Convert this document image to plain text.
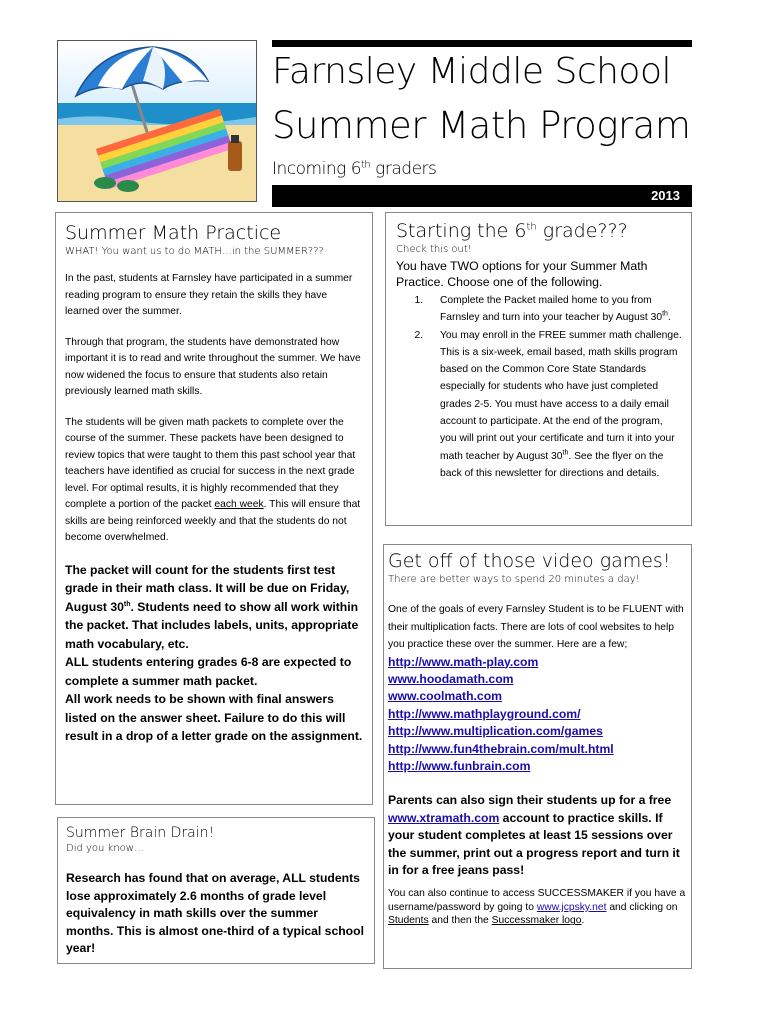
Farnsley Middle School
Summer Math Program
Incoming 6th graders
2013
Summer Math Practice
WHAT! You want us to do MATH…in the SUMMER???

In the past, students at Farnsley have participated in a summer reading program to ensure they retain the skills they have learned over the summer.

Through that program, the students have demonstrated how important it is to read and write throughout the summer. We have now widened the focus to ensure that students also retain previously learned math skills.

The students will be given math packets to complete over the course of the summer. These packets have been designed to review topics that were taught to them this past school year that teachers have identified as crucial for success in the next grade level. For optimal results, it is highly recommended that they complete a portion of the packet each week. This will ensure that skills are being reinforced weekly and that the students do not become overwhelmed.

The packet will count for the students first test grade in their math class. It will be due on Friday, August 30th. Students need to show all work within the packet. That includes labels, units, appropriate math vocabulary, etc.

ALL students entering grades 6-8 are expected to complete a summer math packet.

All work needs to be shown with final answers listed on the answer sheet. Failure to do this will result in a drop of a letter grade on the assignment.

Starting the 6th grade???
Check this out!

You have TWO options for your Summer Math Practice. Choose one of the following.

1. Complete the Packet mailed home to you from Farnsley and turn into your teacher by August 30th.
2. You may enroll in the FREE summer math challenge. This is a six-week, email based, math skills program based on the Common Core State Standards especially for students who have just completed grades 2-5. You must have access to a daily email account to participate. At the end of the program, you will print out your certificate and turn it into your math teacher by August 30th. See the flyer on the back of this newsletter for directions and details.
Get off of those video games!
There are better ways to spend 20 minutes a day!

One of the goals of every Farnsley Student is to be FLUENT with their multiplication facts. There are lots of cool websites to help you practice these over the summer. Here are a few;

http://www.math-play.com
www.hoodamath.com
www.coolmath.com
http://www.mathplayground.com/
http://www.multiplication.com/games
http://www.fun4thebrain.com/mult.html
http://www.funbrain.com

Parents can also sign their students up for a free www.xtramath.com account to practice skills. If your student completes at least 15 sessions over the summer, print out a progress report and turn it in for a free jeans pass!

You can also continue to access SUCCESSMAKER if you have a username/password by going to www.jcpsky.net and clicking on Students and then the Successmaker logo.

Summer Brain Drain!
Did you know…

Research has found that on average, ALL students lose approximately 2.6 months of grade level equivalency in math skills over the summer months. This is almost one-third of a typical school year!
